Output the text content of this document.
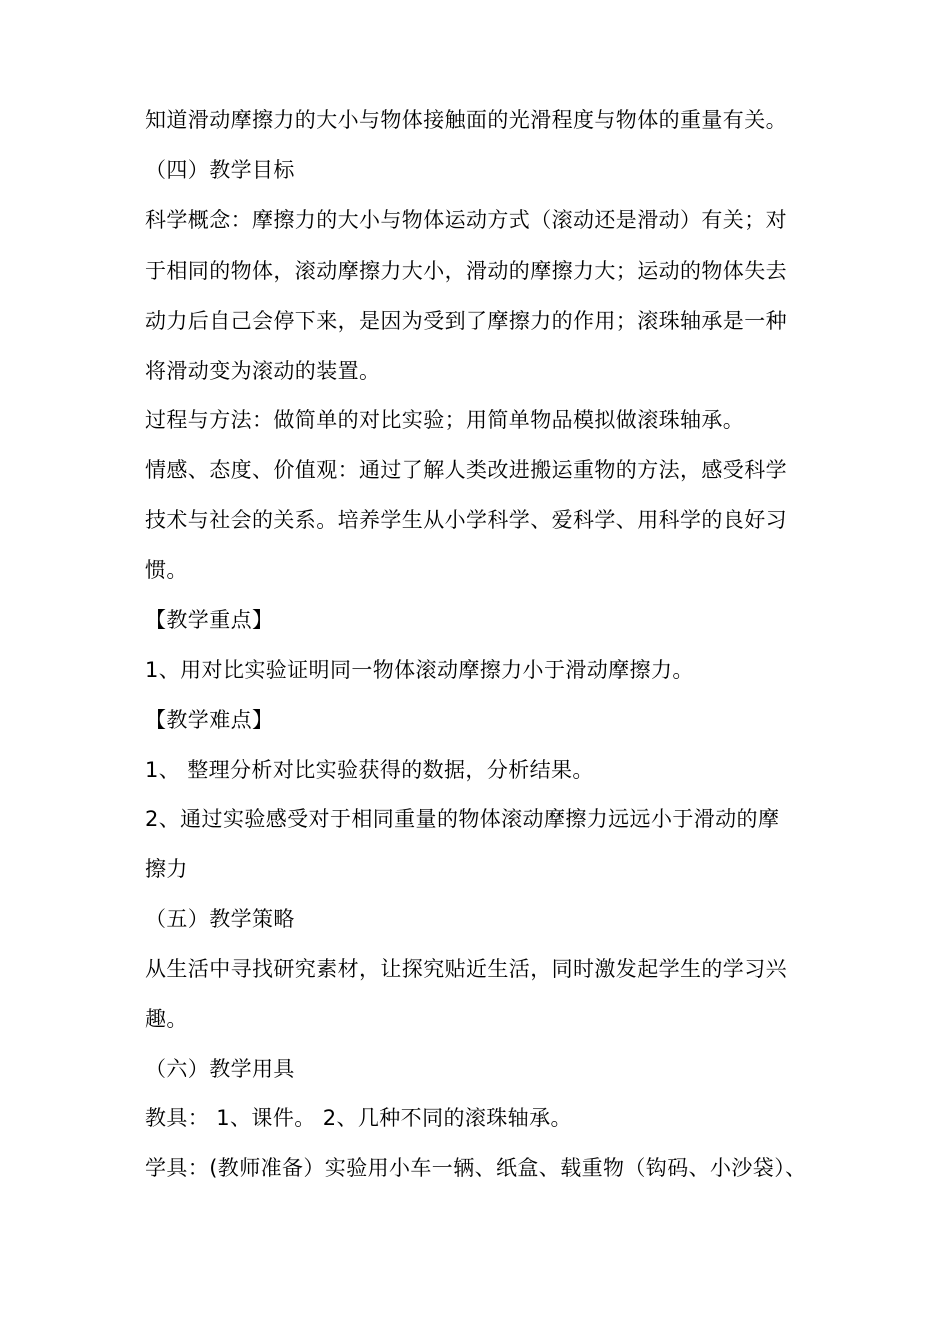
知道滑动摩擦力的大小与物体接触面的光滑程度与物体的重量有关。
（四）教学目标
科学概念：摩擦力的大小与物体运动方式（滚动还是滑动）有关；对
于相同的物体，滚动摩擦力大小，滑动的摩擦力大；运动的物体失去
动力后自己会停下来，是因为受到了摩擦力的作用；滚珠轴承是一种
将滑动变为滚动的装置。
过程与方法：做简单的对比实验；用简单物品模拟做滚珠轴承。
情感、态度、价值观：通过了解人类改进搬运重物的方法，感受科学
技术与社会的关系。培养学生从小学科学、爱科学、用科学的良好习
惯。
【教学重点】
1、用对比实验证明同一物体滚动摩擦力小于滑动摩擦力。
【教学难点】
1、 整理分析对比实验获得的数据，分析结果。
2、通过实验感受对于相同重量的物体滚动摩擦力远远小于滑动的摩
擦力
（五）教学策略
从生活中寻找研究素材，让探究贴近生活，同时激发起学生的学习兴
趣。
（六）教学用具
教具： 1、课件。 2、几种不同的滚珠轴承。
学具：(教师准备）实验用小车一辆、纸盒、载重物（钩码、小沙袋）、
